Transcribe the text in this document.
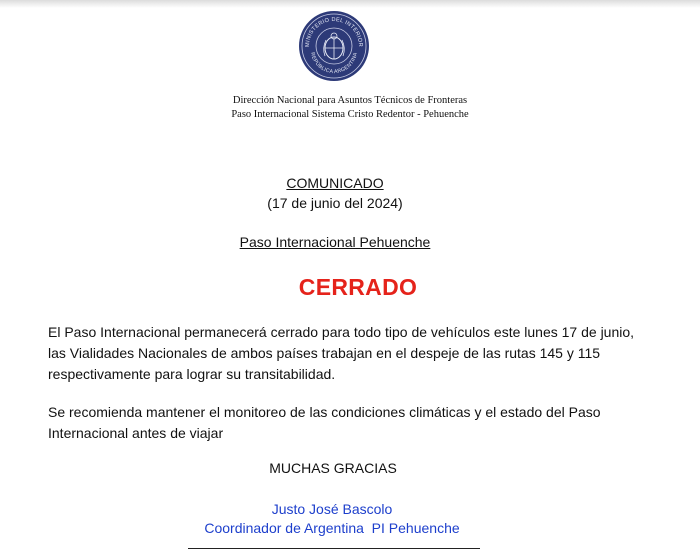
MINISTERIO DEL INTERIOR
REPÚBLICA ARGENTINA
Dirección Nacional para Asuntos Técnicos de Fronteras
Paso Internacional Sistema Cristo Redentor - Pehuenche
COMUNICADO
(17 de junio del 2024)
Paso Internacional Pehuenche
CERRADO
El Paso Internacional permanecerá cerrado para todo tipo de vehículos este lunes 17 de junio, las Vialidades Nacionales de ambos países trabajan en el despeje de las rutas 145 y 115 respectivamente para lograr su transitabilidad.
Se recomienda mantener el monitoreo de las condiciones climáticas y el estado del Paso Internacional antes de viajar
MUCHAS GRACIAS
Justo José Bascolo
Coordinador de Argentina  PI Pehuenche
